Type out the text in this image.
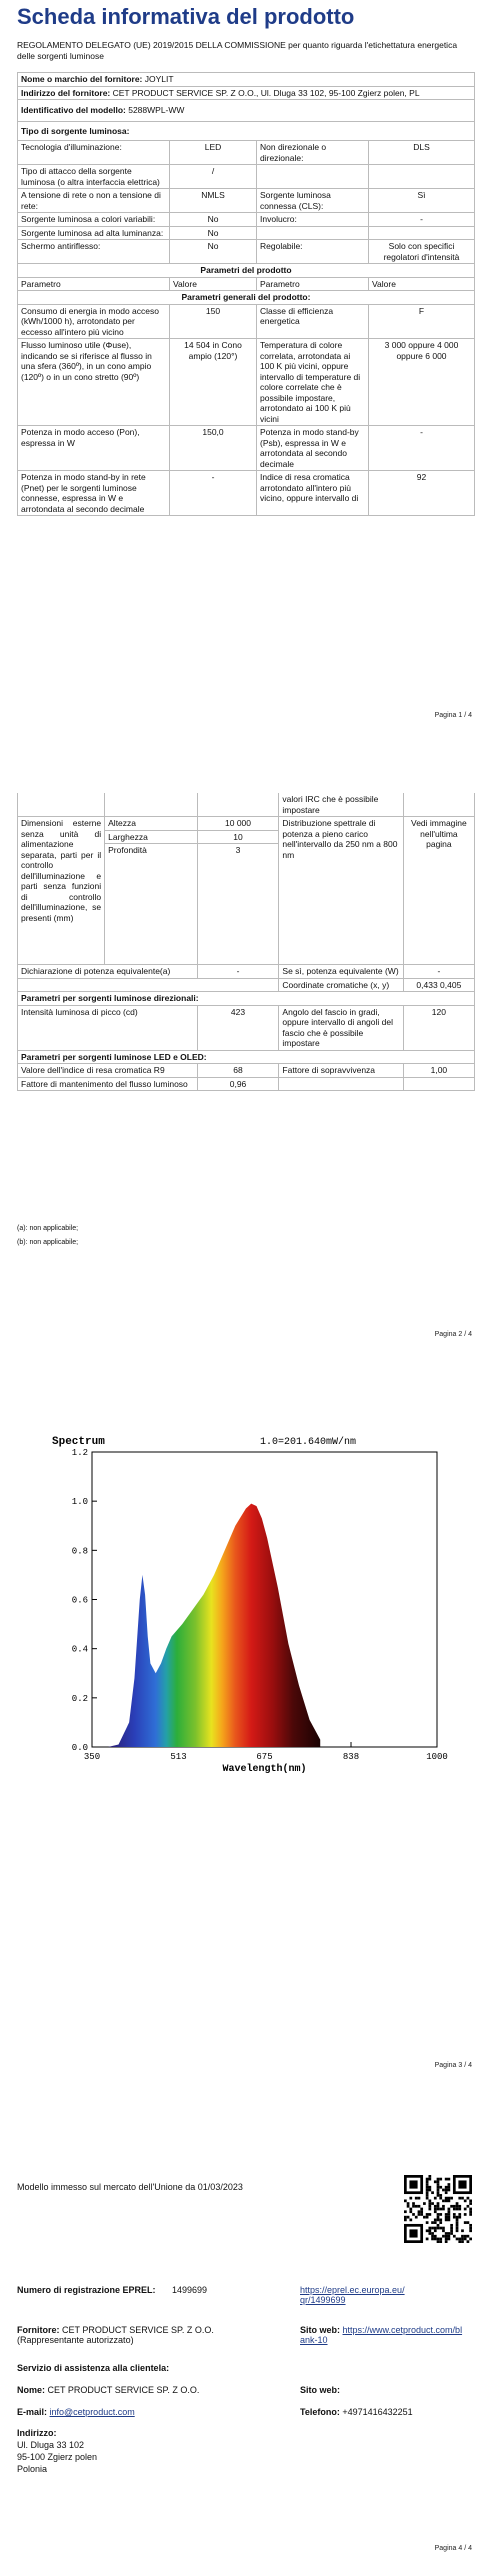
Scheda informativa del prodotto
REGOLAMENTO DELEGATO (UE) 2019/2015 DELLA COMMISSIONE per quanto riguarda l'etichettatura energetica delle sorgenti luminose
Nome o marchio del fornitore: JOYLIT			
Indirizzo del fornitore: CET PRODUCT SERVICE SP. Z O.O., Ul. Dluga 33 102, 95-100 Zgierz polen, PL			
Identificativo del modello: 5288WPL-WW			
Tipo di sorgente luminosa:			
Tecnologia d'illuminazione:	LED	Non direzionale o direzionale:	DLS
Tipo di attacco della sorgente luminosa (o altra interfaccia elettrica)	/		
A tensione di rete o non a tensione di rete:	NMLS	Sorgente luminosa connessa (CLS):	Sì
Sorgente luminosa a colori variabili:	No	Involucro:	-
Sorgente luminosa ad alta luminanza:	No		
Schermo antiriflesso:	No	Regolabile:	Solo con specifici regolatori d'intensità
Parametri del prodotto			
Parametro	Valore	Parametro	Valore
Parametri generali del prodotto:			
Consumo di energia in modo acceso (kWh/1000 h), arrotondato per eccesso all'intero più vicino	150	Classe di efficienza energetica	F
Flusso luminoso utile (Φuse), indicando se si riferisce al flusso in una sfera (360º), in un cono ampio (120º) o in un cono stretto (90º)	14 504 in Cono ampio (120°)	Temperatura di colore correlata, arrotondata ai 100 K più vicini, oppure intervallo di temperature di colore correlate che è possibile impostare, arrotondato ai 100 K più vicini	3 000 oppure 4 000 oppure 6 000
Potenza in modo acceso (Pon), espressa in W	150,0	Potenza in modo stand-by (Psb), espressa in W e arrotondata al secondo decimale	-
Potenza in modo stand-by in rete (Pnet) per le sorgenti luminose connesse, espressa in W e arrotondata al secondo decimale	-	Indice di resa cromatica arrotondato all'intero più vicino, oppure intervallo di	92
Pagina 1 / 4
			valori IRC che è possibile impostare	
Dimensioni esterne senza unità di alimentazione separata, parti per il controllo dell'illuminazione e parti senza funzioni di controllo dell'illuminazione, se presenti (mm)	Altezza	10 000	Distribuzione spettrale di potenza a pieno carico nell'intervallo da 250 nm a 800 nm	Vedi immagine nell'ultima pagina
	Larghezza	10		
	Profondità	3		
Dichiarazione di potenza equivalente(a)		-	Se sì, potenza equivalente (W)	-
			Coordinate cromatiche (x, y)	0,433 0,405
Parametri per sorgenti luminose direzionali:				
Intensità luminosa di picco (cd)		423	Angolo del fascio in gradi, oppure intervallo di angoli del fascio che è possibile impostare	120
Parametri per sorgenti luminose LED e OLED:				
Valore dell'indice di resa cromatica R9		68	Fattore di sopravvivenza	1,00
Fattore di mantenimento del flusso luminoso		0,96		
(a): non applicabile;
(b): non applicabile;
Pagina 2 / 4
Spectrum	1.0=201.640mW/nm
0.0
0.2
0.4
0.6
0.8
1.0
1.2
350	513	675	838	1000
Wavelength(nm)
Pagina 3 / 4
Modello immesso sul mercato dell'Unione da 01/03/2023
Numero di registrazione EPREL: 1499699	https://eprel.ec.europa.eu/qr/1499699
Fornitore: CET PRODUCT SERVICE SP. Z O.O. (Rappresentante autorizzato)
Sito web: https://www.cetproduct.com/blank-10
Servizio di assistenza alla clientela:
Nome: CET PRODUCT SERVICE SP. Z O.O.	Sito web:
E-mail: info@cetproduct.com	Telefono: +4971416432251
Indirizzo:
Ul. Dluga 33 102
95-100 Zgierz polen
Polonia
Pagina 4 / 4
